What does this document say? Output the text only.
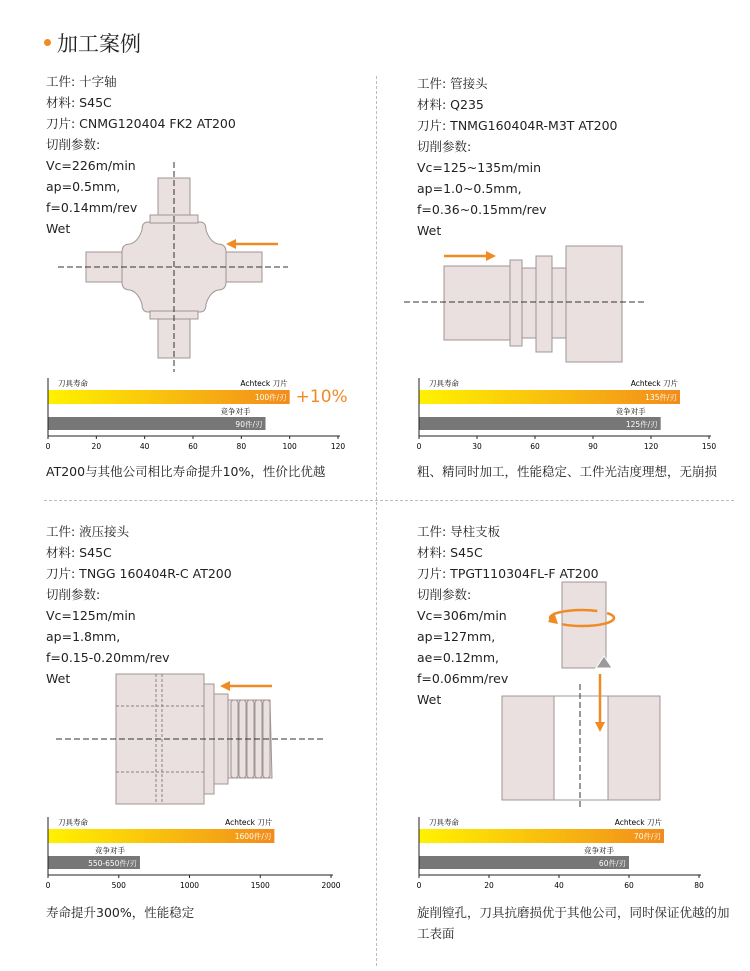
加工案例
工件: 十字轴
材料: S45C
刀片: CNMG120404 FK2 AT200
切削参数:
Vc=226m/min
ap=0.5mm,
f=0.14mm/rev
Wet
刀具寿命	Achteck 刀片
100件/刃
竞争对手
90件/刃
0	20	40	60	80	100	120
+10%
AT200与其他公司相比寿命提升10%，性价比优越
工件: 管接头
材料: Q235
刀片: TNMG160404R-M3T AT200
切削参数:
Vc=125~135m/min
ap=1.0~0.5mm,
f=0.36~0.15mm/rev
Wet
刀具寿命	Achteck 刀片
135件/刃
竞争对手
125件/刃
0	30	60	90	120	150
粗、精同时加工，性能稳定、工件光洁度理想，无崩损
工件: 液压接头
材料: S45C
刀片: TNGG 160404R-C AT200
切削参数:
Vc=125m/min
ap=1.8mm,
f=0.15-0.20mm/rev
Wet
刀具寿命	Achteck 刀片
1600件/刃
竞争对手
550-650件/刃
0	500	1000	1500	2000
寿命提升300%，性能稳定
工件: 导柱支板
材料: S45C
刀片: TPGT110304FL-F AT200
切削参数:
Vc=306m/min
ap=127mm,
ae=0.12mm,
f=0.06mm/rev
Wet
刀具寿命	Achteck 刀片
70件/刃
竞争对手
60件/刃
0	20	40	60	80
旋削镗孔，刀具抗磨损优于其他公司，同时保证优越的加工表面
